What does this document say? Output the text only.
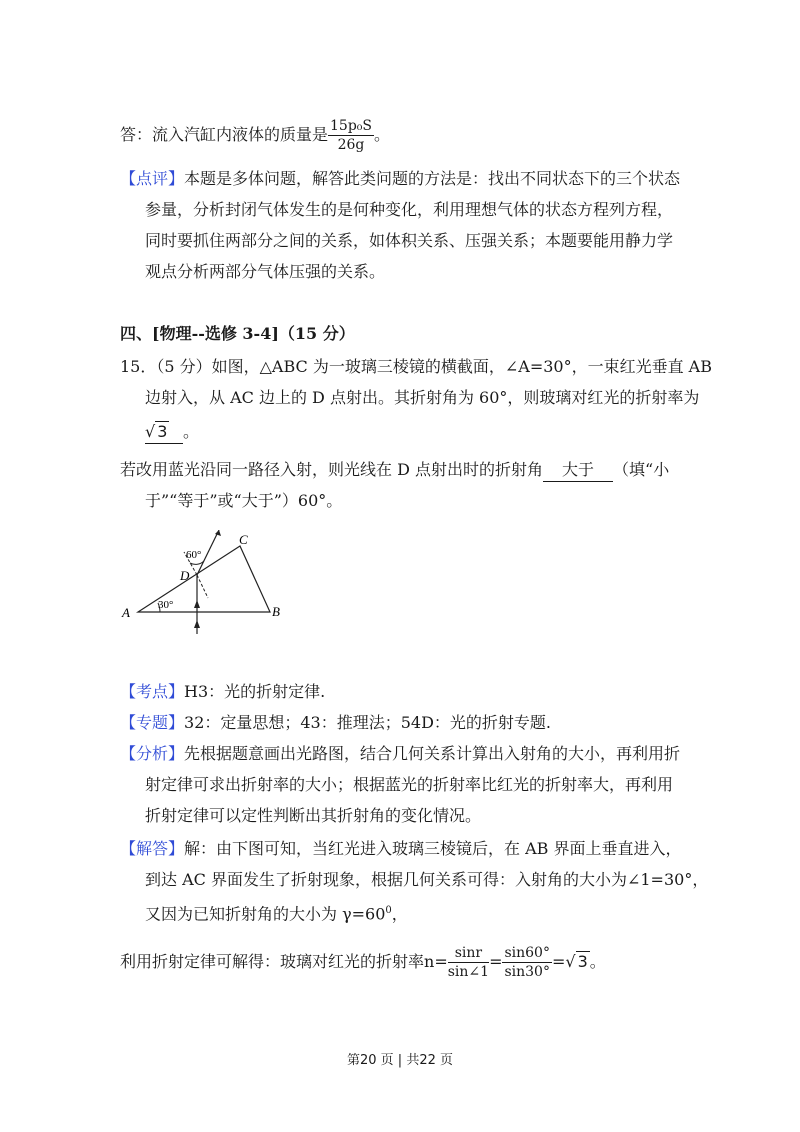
答：流入汽缸内液体的质量是 $\frac{\text{15p₀S}}{26g}$ 。
【点评】本题是多体问题，解答此类问题的方法是：找出不同状态下的三个状态
参量，分析封闭气体发生的是何种变化，利用理想气体的状态方程列方程，
同时要抓住两部分之间的关系，如体积关系、压强关系；本题要能用静力学
观点分析两部分气体压强的关系。
四、[物理--选修 3-4]（15 分）
15．（5 分）如图，△ABC 为一玻璃三棱镜的横截面，∠A=30°，一束红光垂直 AB
边射入，从 AC 边上的 D 点射出。其折射角为 60°，则玻璃对红光的折射率为
√ 3 。
若改用蓝光沿同一路径入射，则光线在 D 点射出时的折射角 大于 （填“小
于”“等于”或“大于”）60°。
A	B
C
D
30°
60°
【考点】H3：光的折射定律.
【专题】32：定量思想；43：推理法；54D：光的折射专题.
【分析】先根据题意画出光路图，结合几何关系计算出入射角的大小，再利用折
射定律可求出折射率的大小；根据蓝光的折射率比红光的折射率大，再利用
折射定律可以定性判断出其折射角的变化情况。
【解答】解：由下图可知，当红光进入玻璃三棱镜后，在 AB 界面上垂直进入，
到达 AC 界面发生了折射现象，根据几何关系可得：入射角的大小为∠1=30°，
又因为已知折射角的大小为 $\gamma=60^0$，
利用折射定律可解得：玻璃对红光的折射率$n= \frac{\sin r}{\sin\angle 1} = \frac{\sin 60^\circ}{\sin 30^\circ}$ =√ 3 。
第20 页 | 共22 页
